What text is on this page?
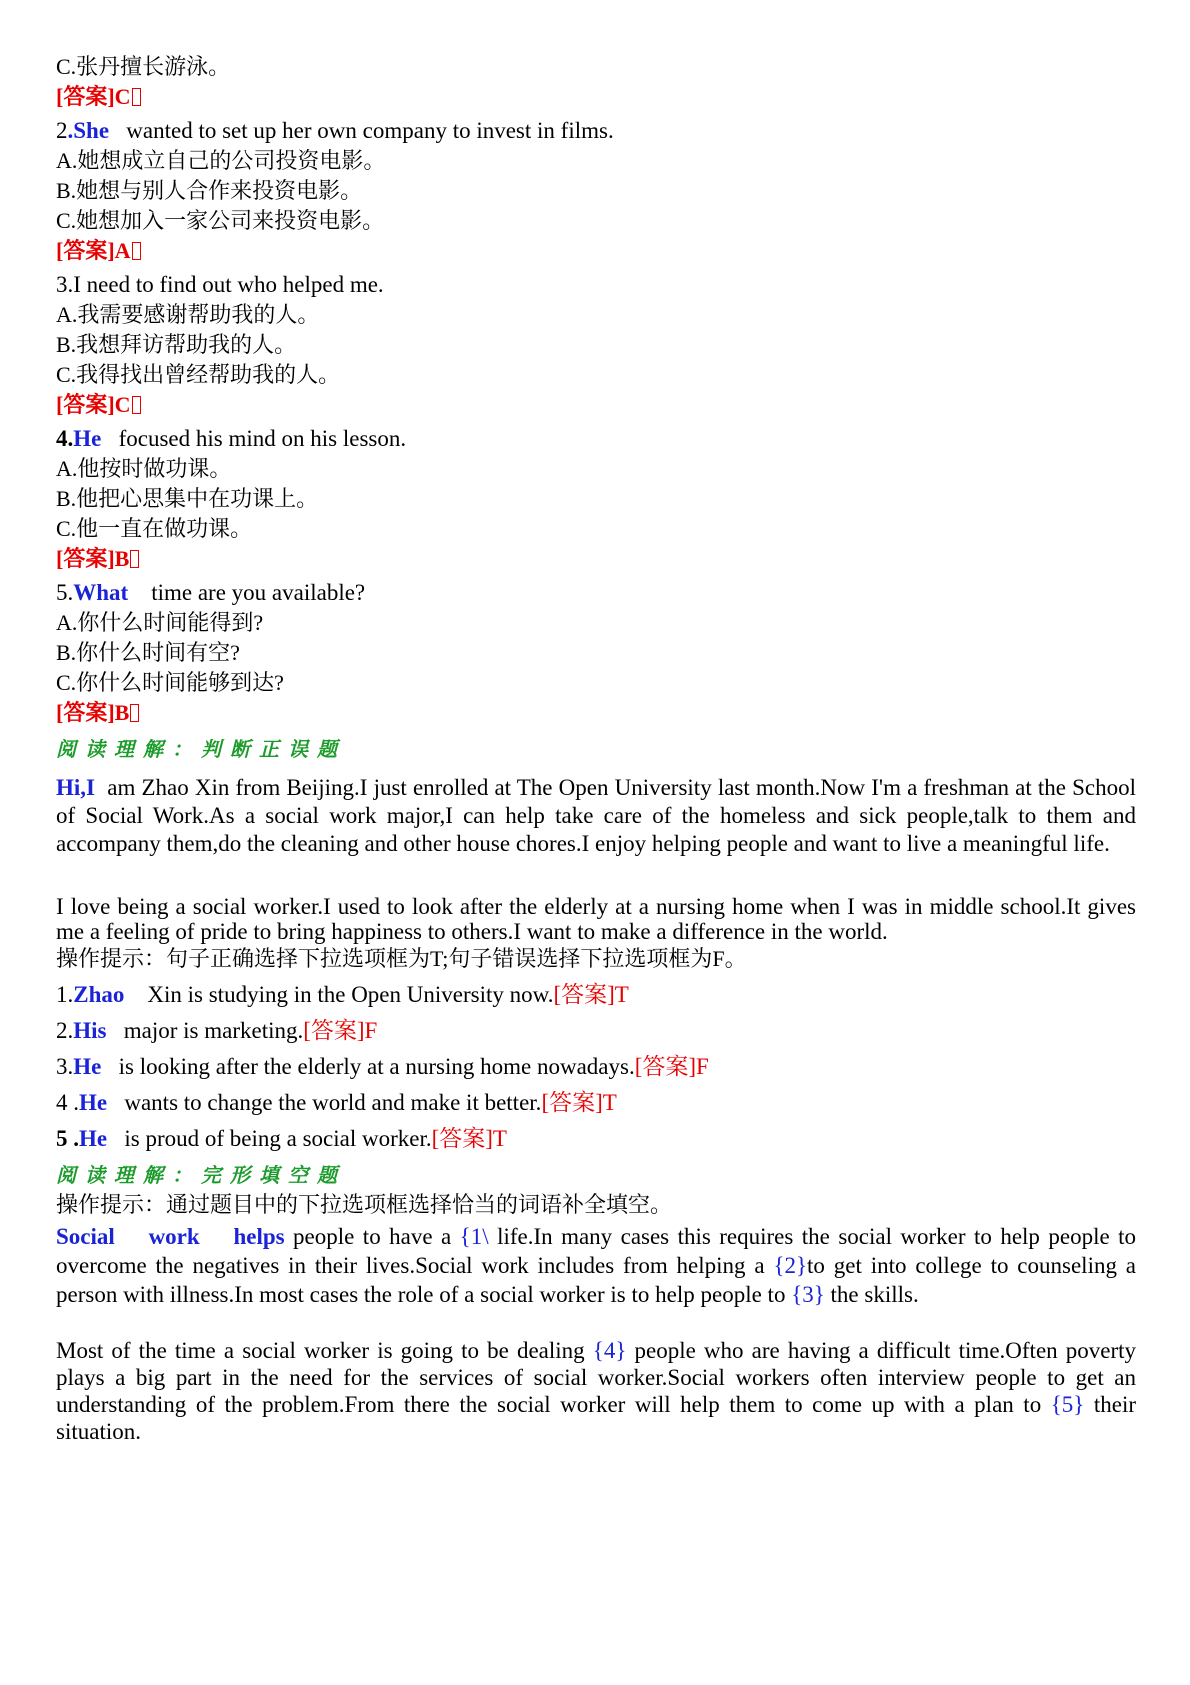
C.张丹擅长游泳。
[答案]C
2.She wanted to set up her own company to invest in films.
A.她想成立自己的公司投资电影。
B.她想与别人合作来投资电影。
C.她想加入一家公司来投资电影。
[答案]A
3.I need to find out who helped me.
A.我需要感谢帮助我的人。
B.我想拜访帮助我的人。
C.我得找出曾经帮助我的人。
[答案]C
4.He focused his mind on his lesson.
A.他按时做功课。
B.他把心思集中在功课上。
C.他一直在做功课。
[答案]B
5.What time are you available?
A.你什么时间能得到?
B.你什么时间有空?
C.你什么时间能够到达?
[答案]B
阅读理解：判断正误题
Hi,I am Zhao Xin from Beijing.I just enrolled at The Open University last month.Now I'm a freshman at the School of Social Work.As a social work major,I can help take care of the homeless and sick people,talk to them and accompany them,do the cleaning and other house chores.I enjoy helping people and want to live a meaningful life.
I love being a social worker.I used to look after the elderly at a nursing home when I was in middle school.It gives me a feeling of pride to bring happiness to others.I want to make a difference in the world.
操作提示：句子正确选择下拉选项框为T;句子错误选择下拉选项框为F。
1.Zhao Xin is studying in the Open University now.[答案]T
2.His major is marketing.[答案]F
3.He is looking after the elderly at a nursing home nowadays.[答案]F
4 .He wants to change the world and make it better.[答案]T
5 .He is proud of being a social worker.[答案]T
阅读理解：完形填空题
操作提示：通过题目中的下拉选项框选择恰当的词语补全填空。
Social    work    helps people to have a {1\ life.In many cases this requires the social worker to help people to overcome the negatives in their lives.Social work includes from helping a {2}to get into college to counseling a person with illness.In most cases the role of a social worker is to help people to {3} the skills.
Most of the time a social worker is going to be dealing {4} people who are having a difficult time.Often poverty plays a big part in the need for the services of social worker.Social workers often interview people to get an understanding of the problem.From there the social worker will help them to come up with a plan to {5} their situation.
